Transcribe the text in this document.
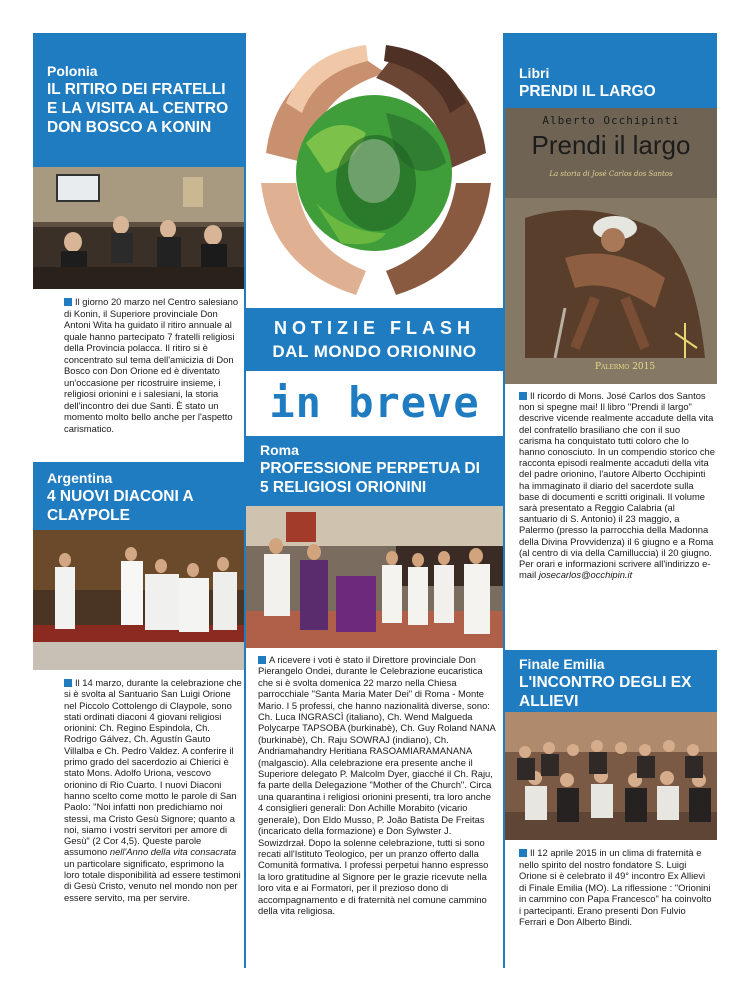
Polonia
IL RITIRO DEI FRATELLI E LA VISITA AL CENTRO DON BOSCO A KONIN

Il giorno 20 marzo nel Centro salesiano di Konin, il Superiore provinciale Don Antoni Wita ha guidato il ritiro annuale al quale hanno partecipato 7 fratelli religiosi della Provincia polacca. Il ritiro si è concentrato sul tema dell'amicizia di Don Bosco con Don Orione ed è diventato un'occasione per ricostruire insieme, i religiosi orionini e i salesiani, la storia dell'incontro dei due Santi. È stato un momento molto bello anche per l'aspetto carismatico.

Argentina
4 NUOVI DIACONI A CLAYPOLE

Il 14 marzo, durante la celebrazione che si è svolta al Santuario San Luigi Orione nel Piccolo Cottolengo di Claypole, sono stati ordinati diaconi 4 giovani religiosi orionini: Ch. Regino Espindola, Ch. Rodrigo Gálvez, Ch. Agustín Gauto Villalba e Ch. Pedro Valdez. A conferire il primo grado del sacerdozio ai Chierici è stato Mons. Adolfo Uriona, vescovo orionino di Rio Cuarto. I nuovi Diaconi hanno scelto come motto le parole di San Paolo: "Noi infatti non predichiamo noi stessi, ma Cristo Gesù Signore; quanto a noi, siamo i vostri servitori per amore di Gesù" (2 Cor 4,5). Queste parole assumono nell'Anno della vita consacrata un particolare significato, esprimono la loro totale disponibilità ad essere testimoni di Gesù Cristo, venuto nel mondo non per essere servito, ma per servire.

NOTIZIE FLASH
DAL MONDO ORIONINO
in breve
Roma
PROFESSIONE PERPETUA DI 5 RELIGIOSI ORIONINI

A ricevere i voti è stato il Direttore provinciale Don Pierangelo Ondei, durante le Celebrazione eucaristica che si è svolta domenica 22 marzo nella Chiesa parrocchiale "Santa Maria Mater Dei" di Roma - Monte Mario. I 5 professi, che hanno nazionalità diverse, sono: Ch. Luca INGRASCÌ (italiano), Ch. Wend Malgueda Polycarpe TAPSOBA (burkinabè), Ch. Guy Roland NANA (burkinabè), Ch. Raju SOWRAJ (indiano), Ch. Andriamahandry Heritiana RASOAMIARAMANANA (malgascio). Alla celebrazione era presente anche il Superiore delegato P. Malcolm Dyer, giacché il Ch. Raju, fa parte della Delegazione "Mother of the Church". Circa una quarantina i religiosi orionini presenti, tra loro anche 4 consiglieri generali: Don Achille Morabito (vicario generale), Don Eldo Musso, P. João Batista De Freitas (incaricato della formazione) e Don Sylwster J. Sowizdrzał. Dopo la solenne celebrazione, tutti si sono recati all'Istituto Teologico, per un pranzo offerto dalla Comunità formativa. I professi perpetui hanno espresso la loro gratitudine al Signore per le grazie ricevute nella loro vita e ai Formatori, per il prezioso dono di accompagnamento e di fraternità nel comune cammino della vita religiosa.

Libri
PRENDI IL LARGO
Alberto Occhipinti
Prendi il largo
La storia di José Carlos dos Santos
Palermo 2015

Il ricordo di Mons. José Carlos dos Santos non si spegne mai! Il libro "Prendi il largo" descrive vicende realmente accadute della vita del confratello brasiliano che con il suo carisma ha conquistato tutti coloro che lo hanno conosciuto. In un compendio storico che racconta episodi realmente accaduti della vita del padre orionino, l'autore Alberto Occhipinti ha immaginato il diario del sacerdote sulla base di documenti e scritti originali. Il volume sarà presentato a Reggio Calabria (al santuario di S. Antonio) il 23 maggio, a Palermo (presso la parrocchia della Madonna della Divina Provvidenza) il 6 giugno e a Roma (al centro di via della Camilluccia) il 20 giugno. Per orari e informazioni scrivere all'indirizzo e-mail josecarlos@occhipin.it

Finale Emilia
L'INCONTRO DEGLI EX ALLIEVI

Il 12 aprile 2015 in un clima di fraternità e nello spirito del nostro fondatore S. Luigi Orione si è celebrato il 49° incontro Ex Allievi di Finale Emilia (MO). La riflessione : "Orionini in cammino con Papa Francesco" ha coinvolto i partecipanti. Erano presenti Don Fulvio Ferrari e Don Alberto Bindi.
